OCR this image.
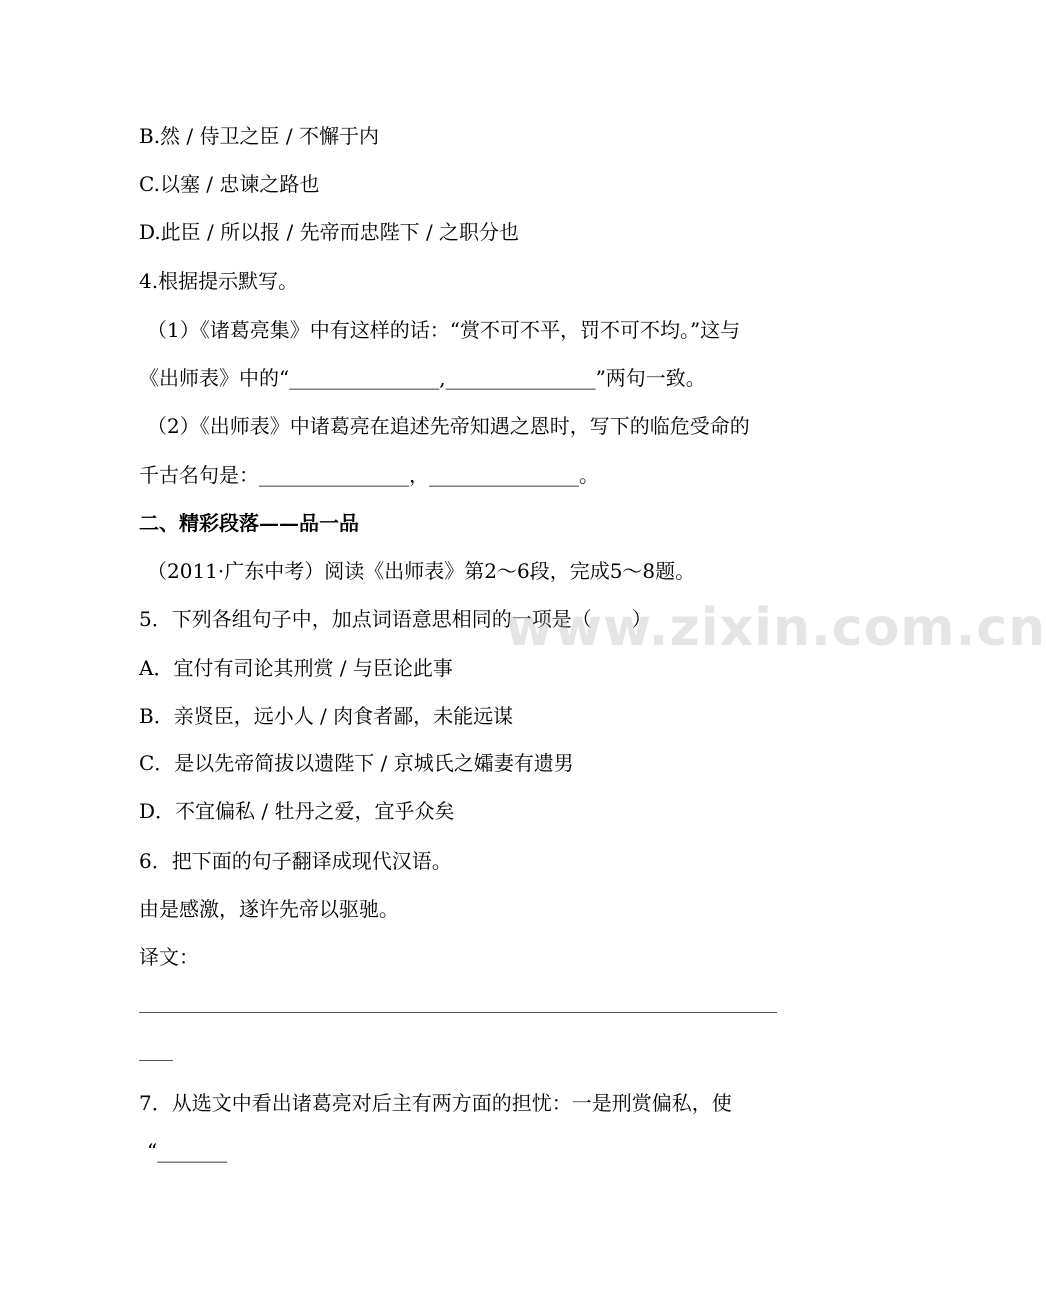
B.然 / 侍卫之臣 / 不懈于内
C.以塞 / 忠谏之路也
D.此臣 / 所以报 / 先帝而忠陛下 / 之职分也
4.根据提示默写。
（1）《诸葛亮集》中有这样的话：“赏不可不平，罚不可不均。”这与
《出师表》中的“_______________,_______________”两句一致。
（2）《出师表》中诸葛亮在追述先帝知遇之恩时，写下的临危受命的
千古名句是：_______________，_______________。
二、精彩段落——品一品
（2011·广东中考）阅读《出师表》第2～6段，完成5～8题。
5．下列各组句子中，加点词语意思相同的一项是（　　）
A．宜付有司论其刑赏 / 与臣论此事
B．亲贤臣，远小人 / 肉食者鄙，未能远谋
C．是以先帝简拔以遗陛下 / 京城氏之孀妻有遗男
D．不宜偏私 / 牡丹之爱，宜乎众矣
6．把下面的句子翻译成现代汉语。
由是感激，遂许先帝以驱驰。
译文：
7．从选文中看出诸葛亮对后主有两方面的担忧：一是刑赏偏私，使
“_______
www.zixin.com.cn
